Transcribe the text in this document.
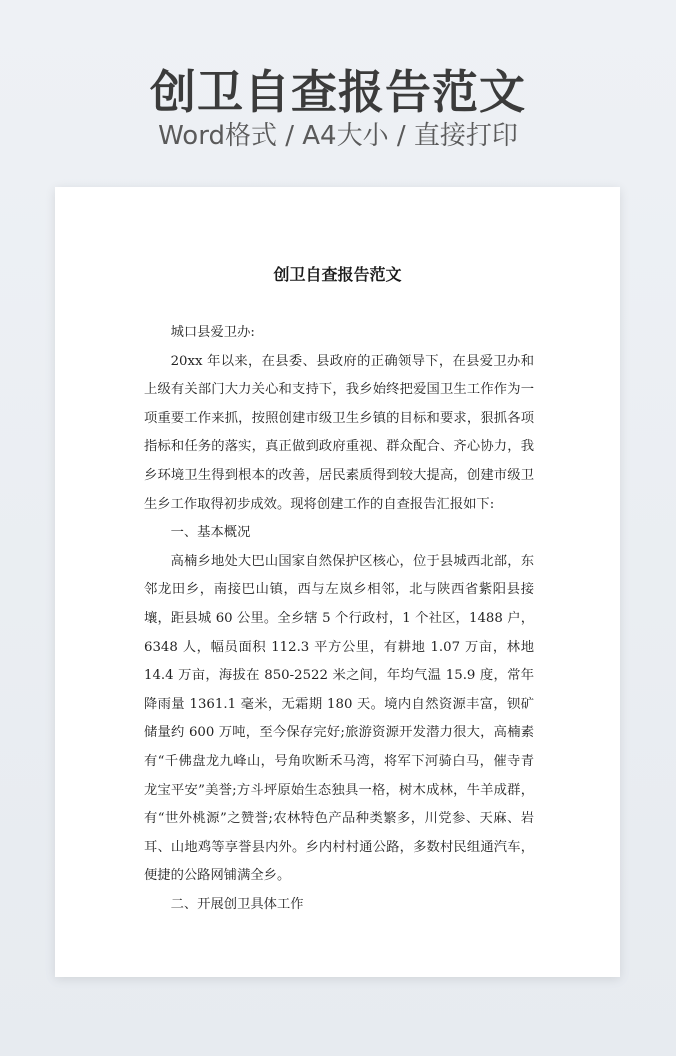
创卫自查报告范文
Word格式 / A4大小 / 直接打印
创卫自查报告范文

城口县爱卫办:

20xx 年以来，在县委、县政府的正确领导下，在县爱卫办和上级有关部门大力关心和支持下，我乡始终把爱国卫生工作作为一项重要工作来抓，按照创建市级卫生乡镇的目标和要求，狠抓各项指标和任务的落实，真正做到政府重视、群众配合、齐心协力，我乡环境卫生得到根本的改善，居民素质得到较大提高，创建市级卫生乡工作取得初步成效。现将创建工作的自查报告汇报如下:

一、基本概况

高楠乡地处大巴山国家自然保护区核心，位于县城西北部，东邻龙田乡，南接巴山镇，西与左岚乡相邻，北与陕西省紫阳县接壤，距县城 60 公里。全乡辖 5 个行政村，1 个社区，1488 户，6348 人，幅员面积 112.3 平方公里，有耕地 1.07 万亩，林地 14.4 万亩，海拔在 850-2522 米之间，年均气温 15.9 度，常年降雨量 1361.1 毫米，无霜期 180 天。境内自然资源丰富，钡矿储量约 600 万吨，至今保存完好;旅游资源开发潜力很大，高楠素有“千佛盘龙九峰山，号角吹断禾马湾，将军下河骑白马，催寺青龙宝平安”美誉;方斗坪原始生态独具一格，树木成林，牛羊成群，有“世外桃源”之赞誉;农林特色产品种类繁多，川党参、天麻、岩耳、山地鸡等享誉县内外。乡内村村通公路，多数村民组通汽车，便捷的公路网铺满全乡。

二、开展创卫具体工作
